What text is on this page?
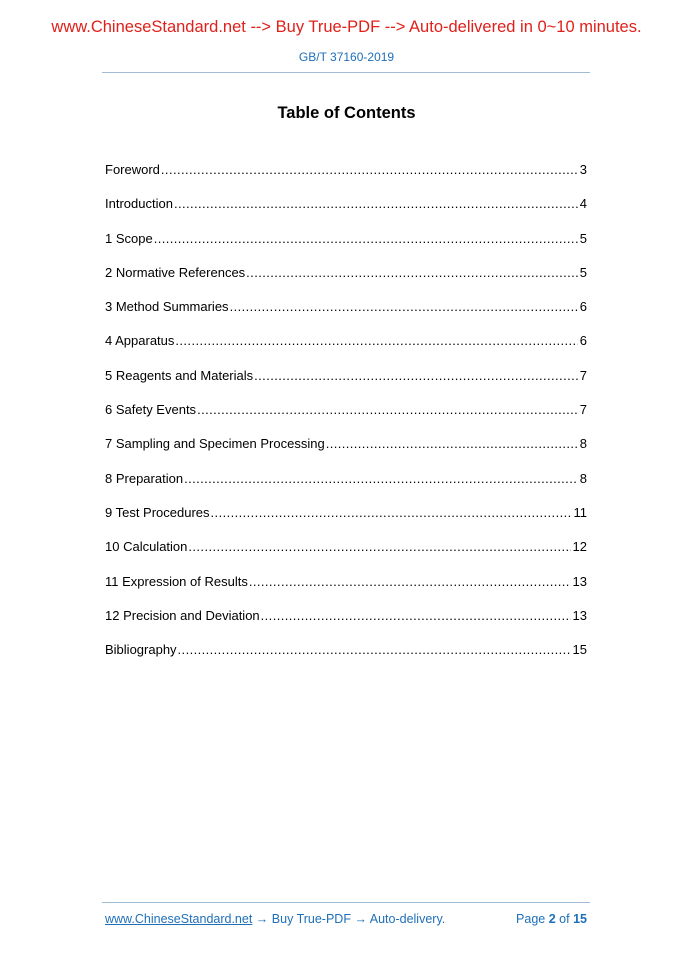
www.ChineseStandard.net --> Buy True-PDF --> Auto-delivered in 0~10 minutes.
GB/T 37160-2019
Table of Contents
Foreword .....	3
Introduction .....	4
1 Scope .....	5
2 Normative References .....	5
3 Method Summaries .....	6
4 Apparatus .....	6
5 Reagents and Materials .....	7
6 Safety Events .....	7
7 Sampling and Specimen Processing .....	8
8 Preparation .....	8
9 Test Procedures .....	11
10 Calculation .....	12
11 Expression of Results .....	13
12 Precision and Deviation .....	13
Bibliography .....	15
www.ChineseStandard.net → Buy True-PDF → Auto-delivery.	Page 2 of 15
